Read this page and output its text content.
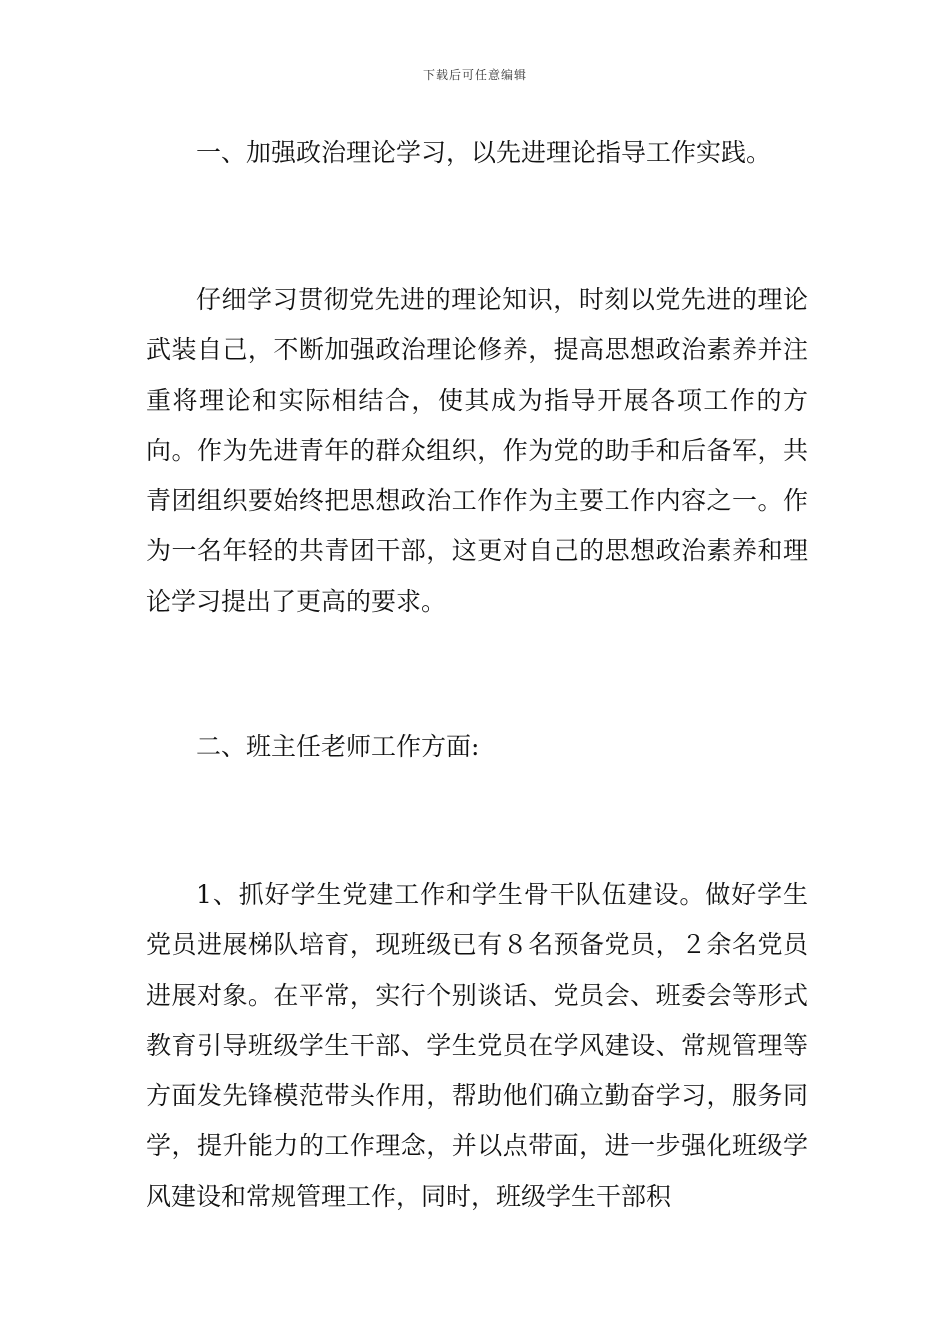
下载后可任意编辑

一、加强政治理论学习，以先进理论指导工作实践。

仔细学习贯彻党先进的理论知识，时刻以党先进的理论武装自己，不断加强政治理论修养，提高思想政治素养并注重将理论和实际相结合，使其成为指导开展各项工作的方向。作为先进青年的群众组织，作为党的助手和后备军，共青团组织要始终把思想政治工作作为主要工作内容之一。作为一名年轻的共青团干部，这更对自己的思想政治素养和理论学习提出了更高的要求。

二、班主任老师工作方面:

1、抓好学生党建工作和学生骨干队伍建设。做好学生党员进展梯队培育，现班级已有８名预备党员，２余名党员进展对象。在平常，实行个别谈话、党员会、班委会等形式教育引导班级学生干部、学生党员在学风建设、常规管理等方面发先锋模范带头作用，帮助他们确立勤奋学习，服务同学，提升能力的工作理念，并以点带面，进一步强化班级学风建设和常规管理工作，同时，班级学生干部积
